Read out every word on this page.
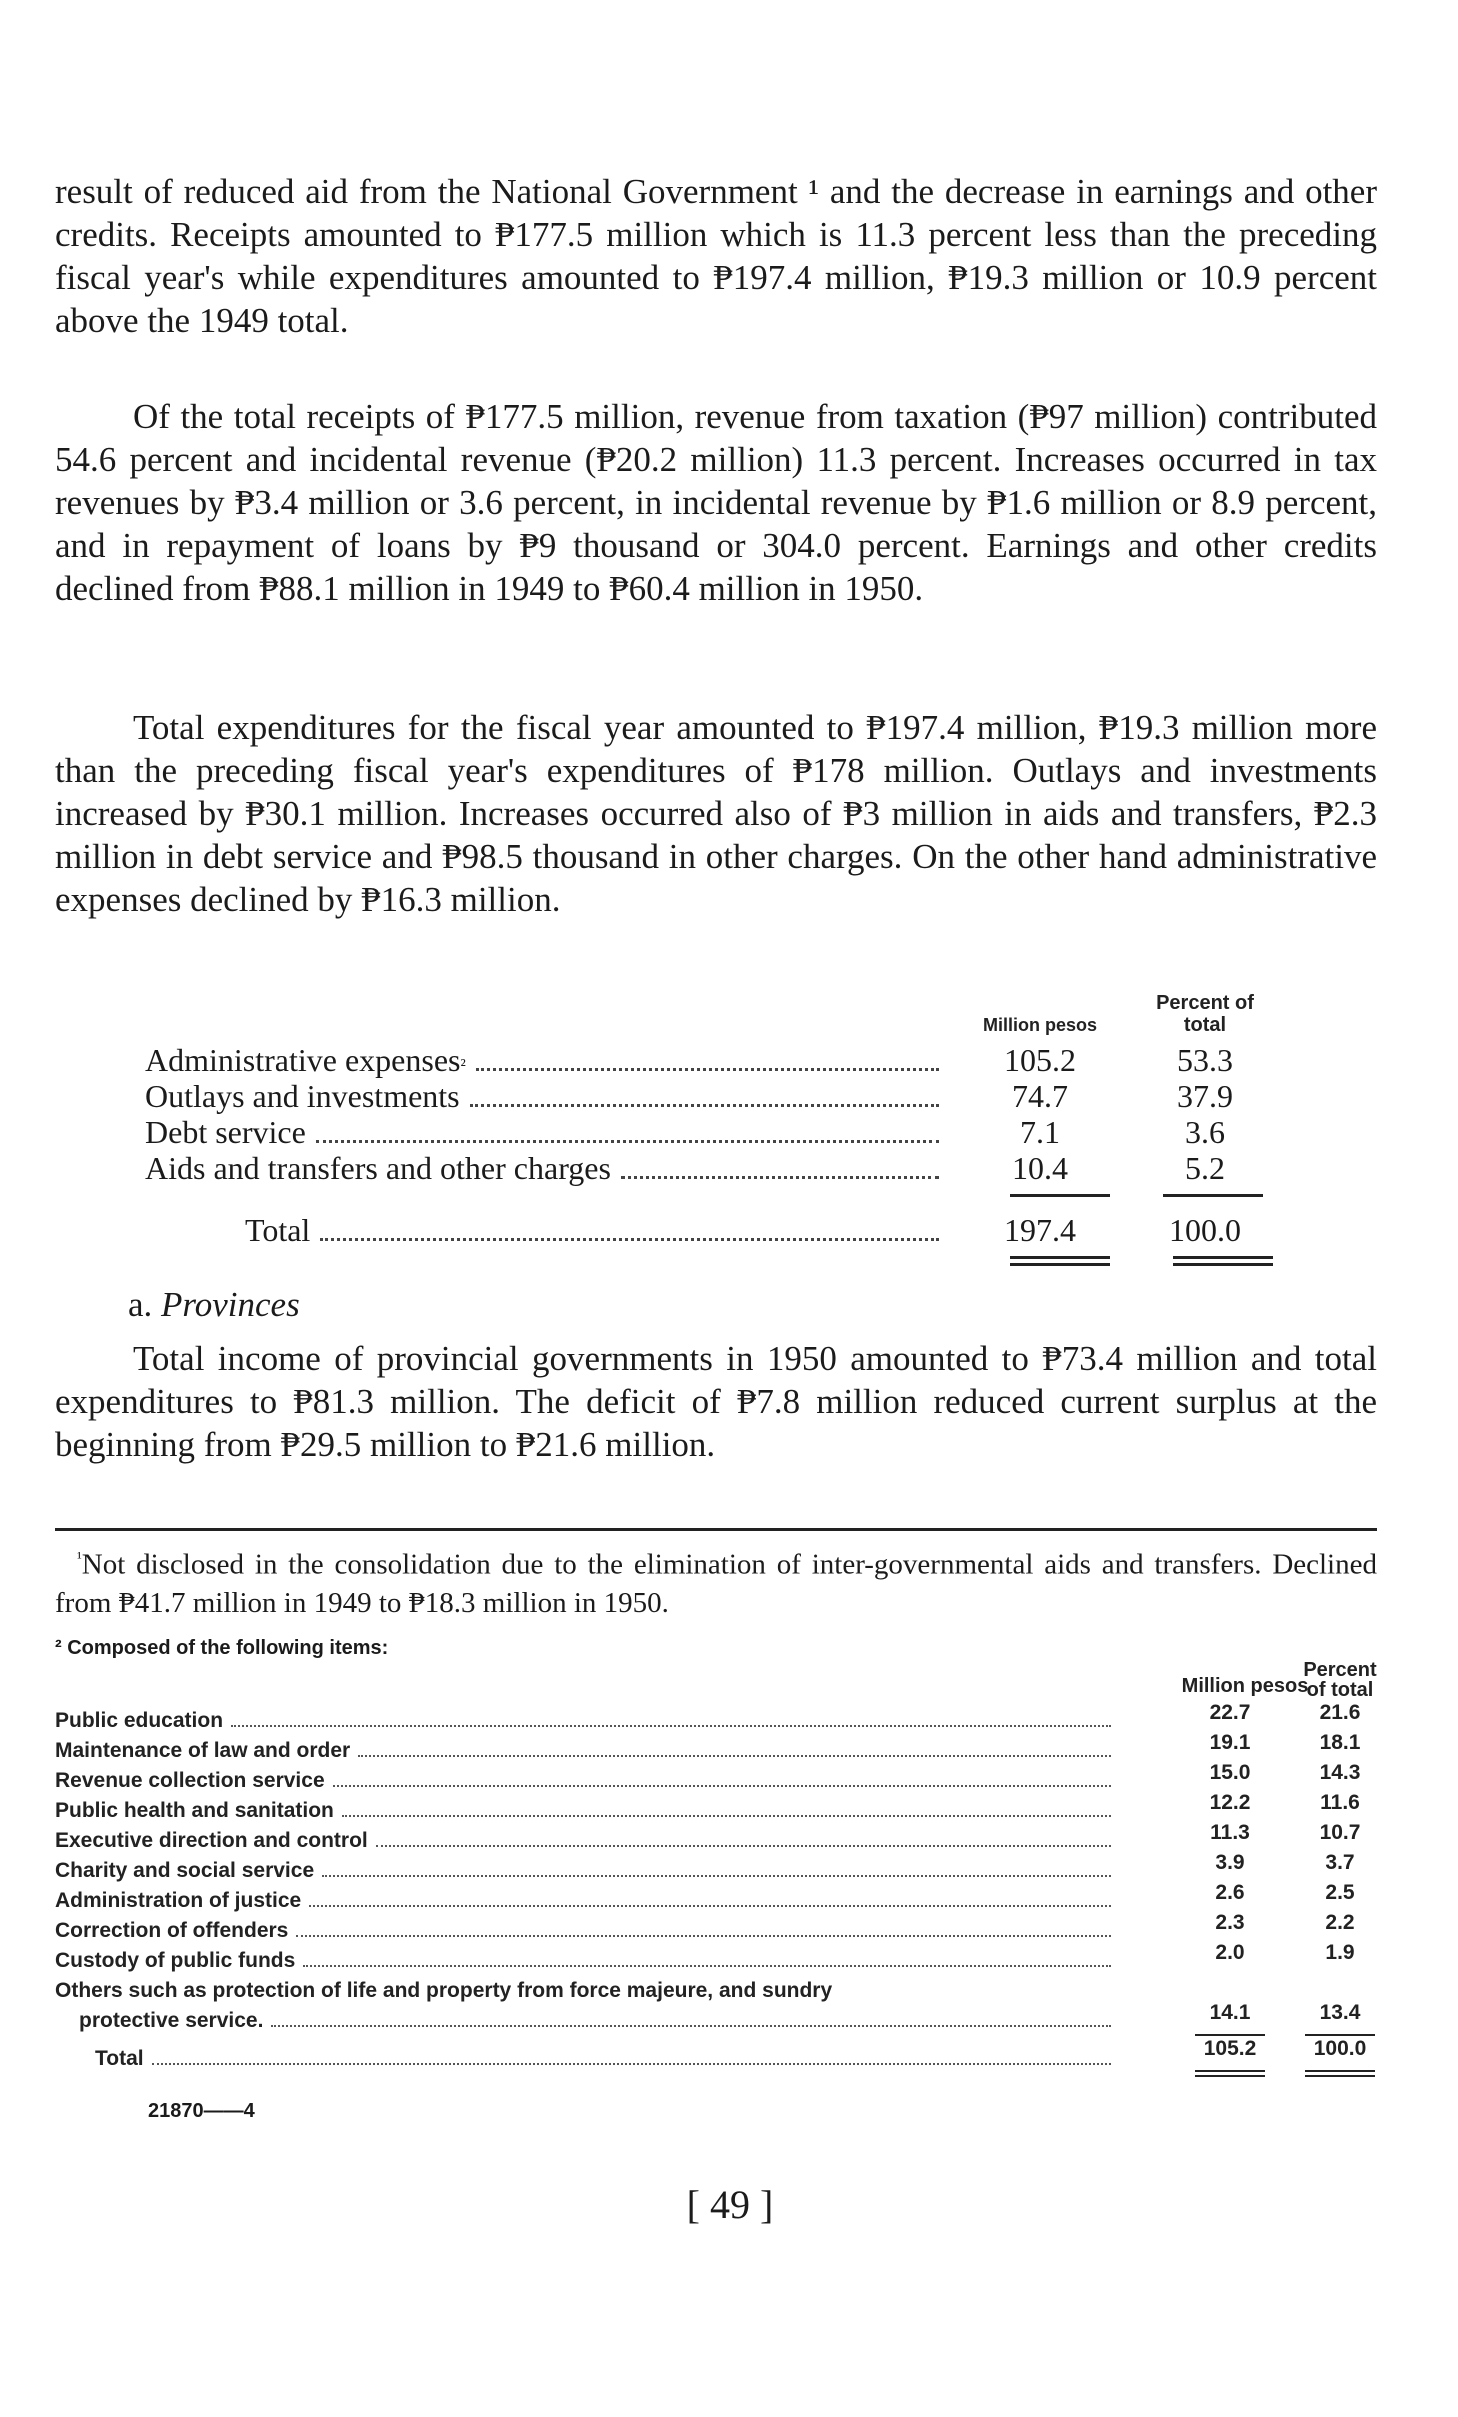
result of reduced aid from the National Government ¹ and the decrease in earnings and other credits. Receipts amounted to ₱177.5 million which is 11.3 percent less than the preceding fiscal year's while expenditures amounted to ₱197.4 million, ₱19.3 million or 10.9 percent above the 1949 total.

Of the total receipts of ₱177.5 million, revenue from taxation (₱97 million) contributed 54.6 percent and incidental revenue (₱20.2 million) 11.3 percent. Increases occurred in tax revenues by ₱3.4 million or 3.6 percent, in incidental revenue by ₱1.6 million or 8.9 percent, and in repayment of loans by ₱9 thousand or 304.0 percent. Earnings and other credits declined from ₱88.1 million in 1949 to ₱60.4 million in 1950.

Total expenditures for the fiscal year amounted to ₱197.4 million, ₱19.3 million more than the preceding fiscal year's expenditures of ₱178 million. Outlays and investments increased by ₱30.1 million. Increases occurred also of ₱3 million in aids and transfers, ₱2.3 million in debt service and ₱98.5 thousand in other charges. On the other hand administrative expenses declined by ₱16.3 million.

Million pesos
Percent of
total
Administrative expenses ²	105.2	53.3
Outlays and investments	74.7	37.9
Debt service	7.1	3.6
Aids and transfers and other charges	10.4	5.2
Total	197.4	100.0
a. Provinces

Total income of provincial governments in 1950 amounted to ₱73.4 million and total expenditures to ₱81.3 million. The deficit of ₱7.8 million reduced current surplus at the beginning from ₱29.5 million to ₱21.6 million.

$^{^1}$Not disclosed in the consolidation due to the elimination of inter-governmental aids and transfers. Declined from ₱41.7 million in 1949 to ₱18.3 million in 1950.

² Composed of the following items:
Million pesos
Percent
of total
Public education	22.7	21.6
Maintenance of law and order	19.1	18.1
Revenue collection service	15.0	14.3
Public health and sanitation	12.2	11.6
Executive direction and control	11.3	10.7
Charity and social service	3.9	3.7
Administration of justice	2.6	2.5
Correction of offenders	2.3	2.2
Custody of public funds	2.0	1.9
Others such as protection of life and property from force majeure, and sundry
protective service.	14.1	13.4
Total	105.2	100.0
21870——4
[ 49 ]
